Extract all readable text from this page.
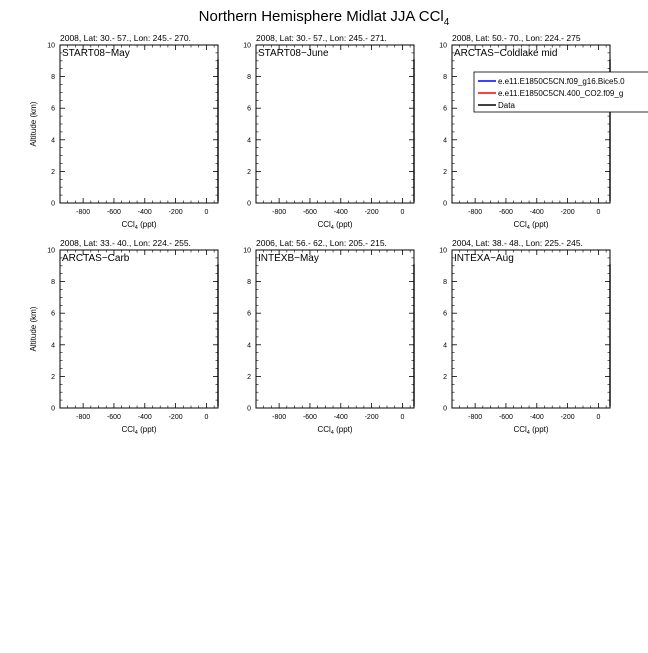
Northern Hemisphere Midlat JJA CCl$_4$
2008, Lat: 30.- 57., Lon: 245.- 270.
START08−May
-800 -600 -400 -200	0
0
2
4
6
8
10
CCl$_4$ (ppt)
Altitude (km)
2008, Lat: 30.- 57., Lon: 245.- 271.
START08−June
-800 -600 -400 -200	0
0
2
4
6
8
10
CCl$_4$ (ppt)
2008, Lat: 50.- 70., Lon: 224.- 275
ARCTAS−Coldlake mid
-800 -600 -400 -200	0
0
2
4
6
8
10
CCl$_4$ (ppt)
2008, Lat: 33.- 40., Lon: 224.- 255.
ARCTAS−Carb
-800 -600 -400 -200	0
0
2
4
6
8
10
CCl$_4$ (ppt)
Altitude (km)
2006, Lat: 56.- 62., Lon: 205.- 215.
INTEXB−May
-800 -600 -400 -200	0
0
2
4
6
8
10
CCl$_4$ (ppt)
2004, Lat: 38.- 48., Lon: 225.- 245.
INTEXA−Aug
-800 -600 -400 -200	0
0
2
4
6
8
10
CCl$_4$ (ppt)
e.e11.E1850C5CN.f09_g16.Bice5.0
e.e11.E1850C5CN.400_CO2.f09_g
Data
